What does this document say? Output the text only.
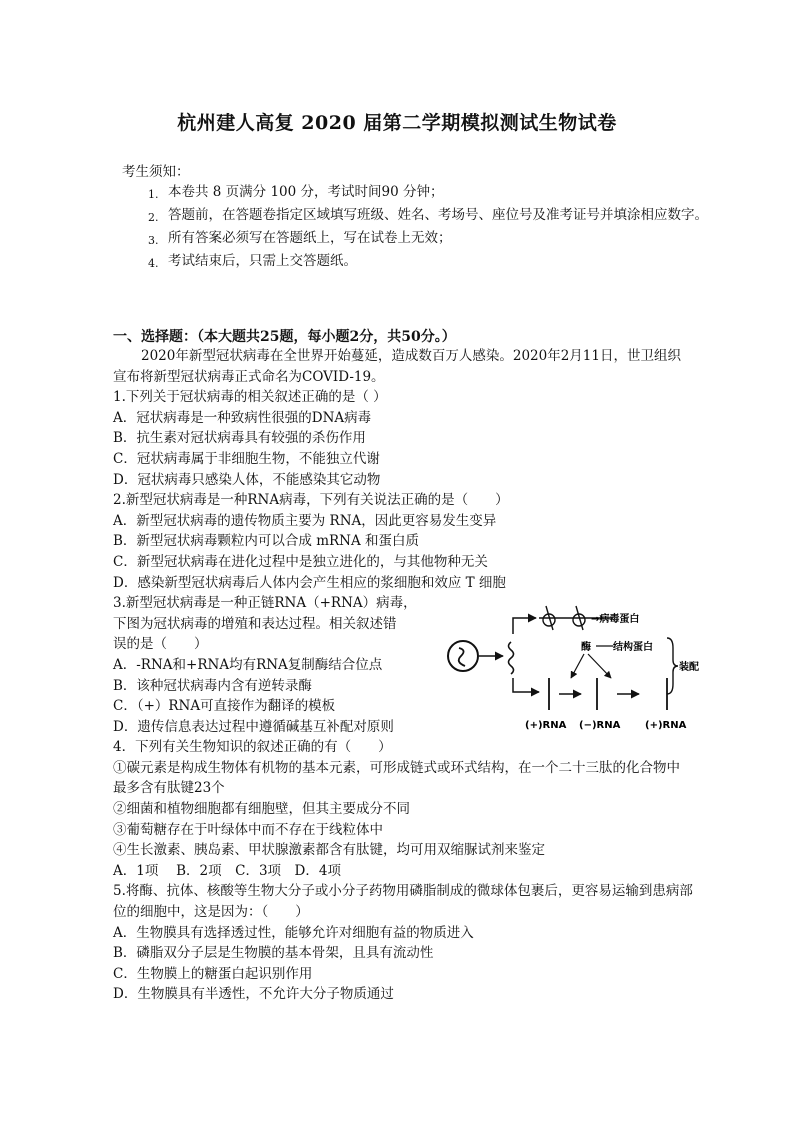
杭州建人高复 2020 届第二学期模拟测试生物试卷
考生须知：
1. 本卷共 8 页满分 100 分，考试时间90 分钟；
2. 答题前，在答题卷指定区域填写班级、姓名、考场号、座位号及准考证号并填涂相应数字。
3. 所有答案必须写在答题纸上，写在试卷上无效；
4. 考试结束后，只需上交答题纸。
一、选择题：（本大题共25题，每小题2分，共50分。）
2020年新型冠状病毒在全世界开始蔓延，造成数百万人感染。2020年2月11日，世卫组织宣布将新型冠状病毒正式命名为COVID-19。
1.下列关于冠状病毒的相关叙述正确的是（ ）
A．冠状病毒是一种致病性很强的DNA病毒
B．抗生素对冠状病毒具有较强的杀伤作用
C．冠状病毒属于非细胞生物，不能独立代谢
D．冠状病毒只感染人体，不能感染其它动物
2.新型冠状病毒是一种RNA病毒，下列有关说法正确的是（　　）
A．新型冠状病毒的遗传物质主要为 RNA，因此更容易发生变异
B．新型冠状病毒颗粒内可以合成 mRNA 和蛋白质
C．新型冠状病毒在进化过程中是独立进化的，与其他物种无关
D．感染新型冠状病毒后人体内会产生相应的浆细胞和效应 T 细胞
3.新型冠状病毒是一种正链RNA（+RNA）病毒，
下图为冠状病毒的增殖和表达过程。相关叙述错
误的是（　　）
A．-RNA和+RNA均有RNA复制酶结合位点
B．该种冠状病毒内含有逆转录酶
C．（+）RNA可直接作为翻译的模板
D．遗传信息表达过程中遵循碱基互补配对原则
4．下列有关生物知识的叙述正确的有（　　）
①碳元素是构成生物体有机物的基本元素，可形成链式或环式结构，在一个二十三肽的化合物中最多含有肽键23个
②细菌和植物细胞都有细胞壁，但其主要成分不同
③葡萄糖存在于叶绿体中而不存在于线粒体中
④生长激素、胰岛素、甲状腺激素都含有肽键，均可用双缩脲试剂来鉴定
A．1项　 B．2项　C．3项　D．4项
5.将酶、抗体、核酸等生物大分子或小分子药物用磷脂制成的微球体包裹后，更容易运输到患病部位的细胞中，这是因为：（　　）
A．生物膜具有选择透过性，能够允许对细胞有益的物质进入
B．磷脂双分子层是生物膜的基本骨架，且具有流动性
C．生物膜上的糖蛋白起识别作用
D．生物膜具有半透性，不允许大分子物质通过
→病毒蛋白
酶 结构蛋白
装配
(+)RNA (−)RNA (+)RNA
